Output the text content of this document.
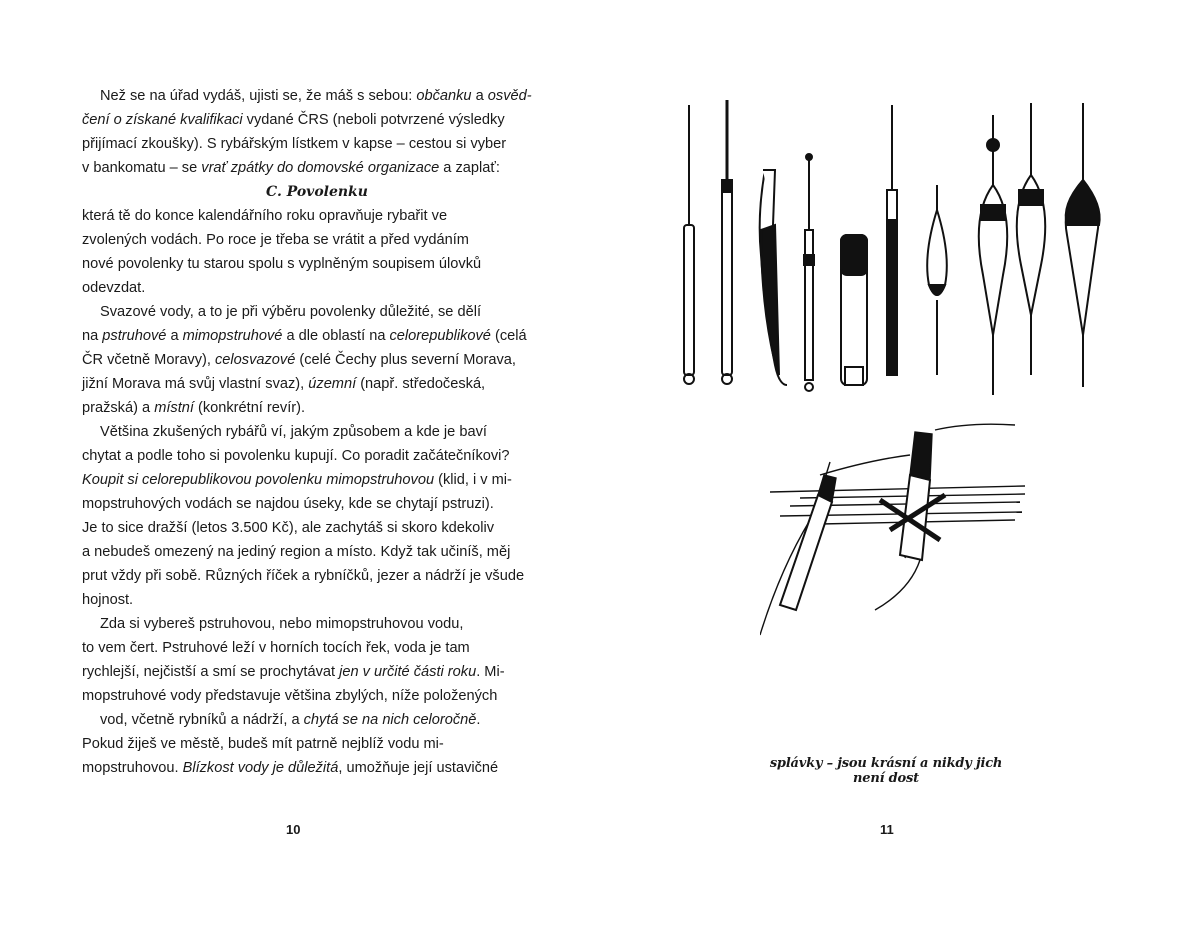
Než se na úřad vydáš, ujisti se, že máš s sebou: občanku a osvěd-
čení o získané kvalifikaci vydané ČRS (neboli potvrzené výsledky
přijímací zkoušky). S rybářským lístkem v kapse – cestou si vyber
v bankomatu – se vrať zpátky do domovské organizace a zaplať:
C. Povolenku
která tě do konce kalendářního roku opravňuje rybařit ve
zvolených vodách. Po roce je třeba se vrátit a před vydáním
nové povolenky tu starou spolu s vyplněným soupisem úlovků
odevzdat.
Svazové vody, a to je při výběru povolenky důležité, se dělí
na pstruhové a mimopstruhové a dle oblastí na celorepublikové (celá
ČR včetně Moravy), celosvazové (celé Čechy plus severní Morava,
jižní Morava má svůj vlastní svaz), územní (např. středočeská,
pražská) a místní (konkrétní revír).
Většina zkušených rybářů ví, jakým způsobem a kde je baví
chytat a podle toho si povolenku kupují. Co poradit začátečníkovi?
Koupit si celorepublikovou povolenku mimopstruhovou (klid, i v mi-
mopstruhových vodách se najdou úseky, kde se chytají pstruzi).
Je to sice dražší (letos 3.500 Kč), ale zachytáš si skoro kdekoliv
a nebudeš omezený na jediný region a místo. Když tak učiníš, měj
prut vždy při sobě. Různých říček a rybníčků, jezer a nádrží je všude
hojnost.
Zda si vybereš pstruhovou, nebo mimopstruhovou vodu,
to vem čert. Pstruhové leží v horních tocích řek, voda je tam
rychlejší, nejčistší a smí se prochytávat jen v určité části roku. Mi-
mopstruhové vody představuje většina zbylých, níže položených
vod, včetně rybníků a nádrží, a chytá se na nich celoročně.
Pokud žiješ ve městě, budeš mít patrně nejblíž vodu mi-
mopstruhovou. Blízkost vody je důležitá, umožňuje její ustavičné
10
splávky – jsou krásní a nikdy jich není dost
11
